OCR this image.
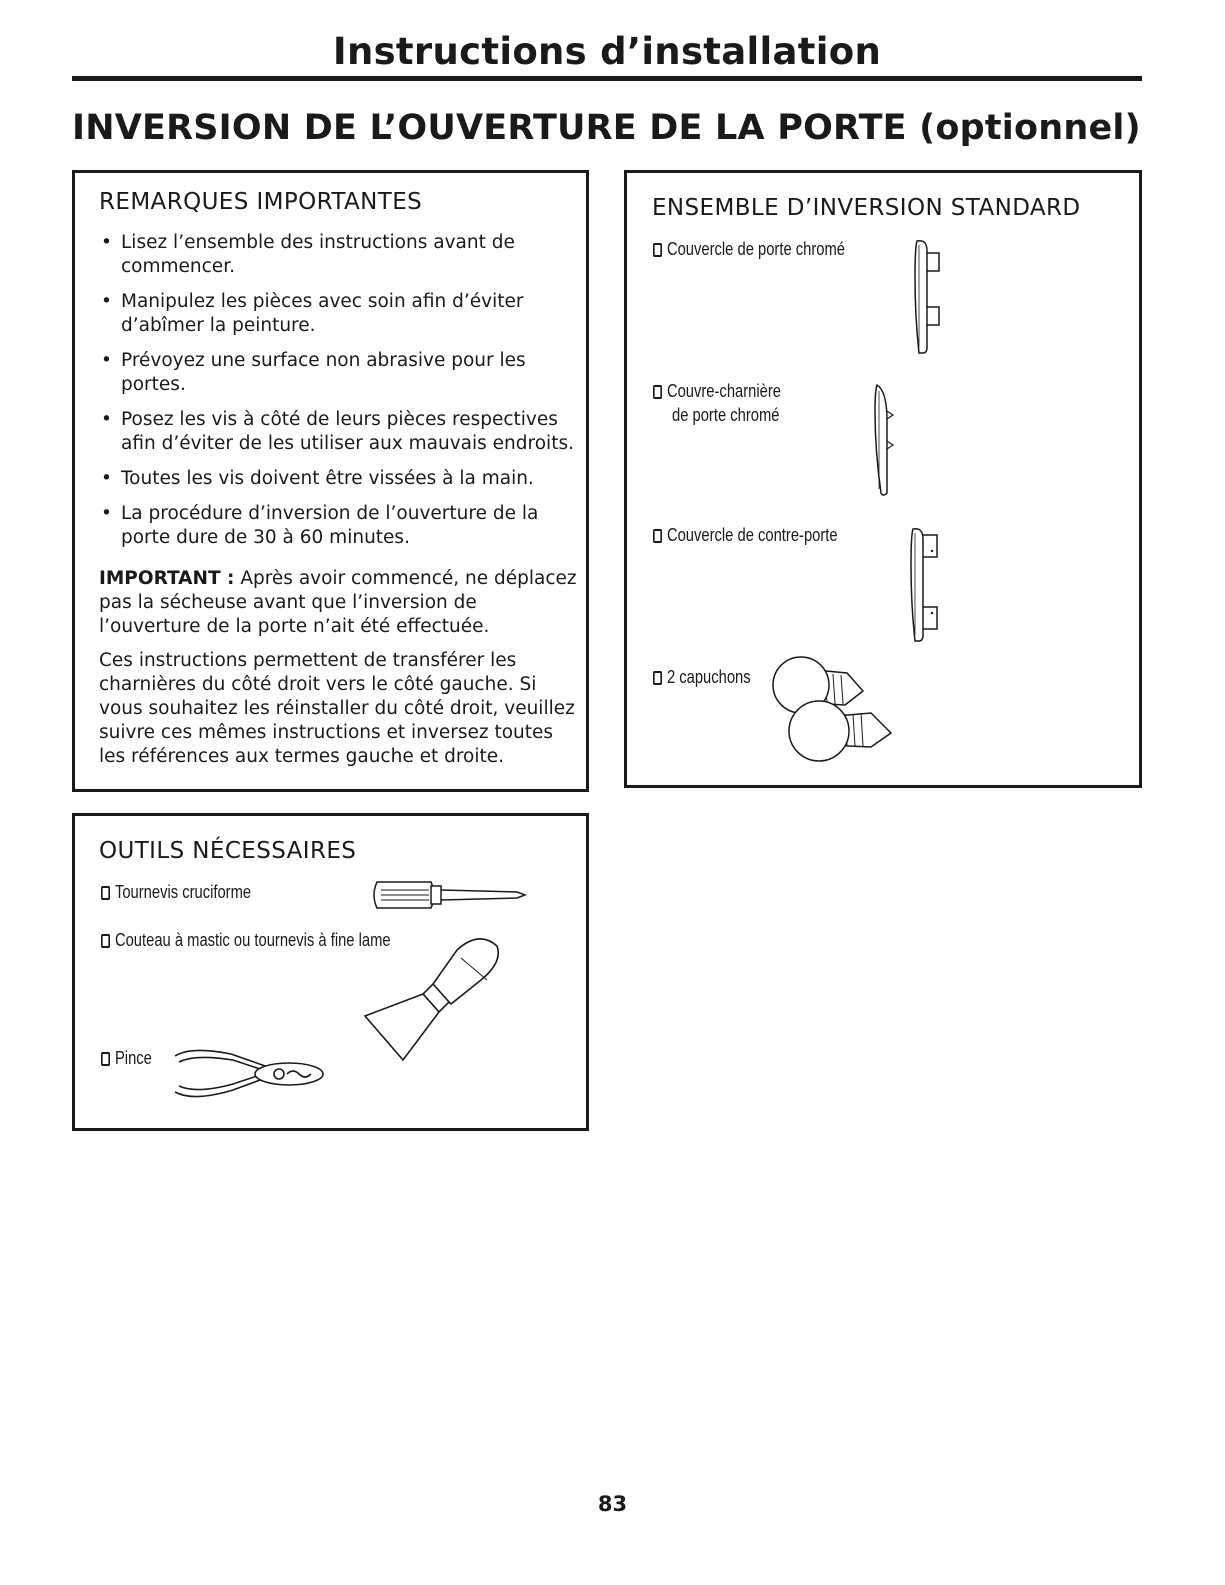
Instructions d’installation
INVERSION DE L’OUVERTURE DE LA PORTE (optionnel)
REMARQUES IMPORTANTES
• Lisez l’ensemble des instructions avant de commencer.
• Manipulez les pièces avec soin afin d’éviter d’abîmer la peinture.
• Prévoyez une surface non abrasive pour les portes.
• Posez les vis à côté de leurs pièces respectives afin d’éviter de les utiliser aux mauvais endroits.
• Toutes les vis doivent être vissées à la main.
• La procédure d’inversion de l’ouverture de la porte dure de 30 à 60 minutes.

IMPORTANT : Après avoir commencé, ne déplacez pas la sécheuse avant que l’inversion de l’ouverture de la porte n’ait été effectuée.

Ces instructions permettent de transférer les charnières du côté droit vers le côté gauche. Si vous souhaitez les réinstaller du côté droit, veuillez suivre ces mêmes instructions et inversez toutes les références aux termes gauche et droite.

ENSEMBLE D’INVERSION STANDARD
Couvercle de porte chromé
Couvre-charnière
de porte chromé
Couvercle de contre-porte
2 capuchons
OUTILS NÉCESSAIRES
Tournevis cruciforme
Couteau à mastic ou tournevis à fine lame
Pince
83
